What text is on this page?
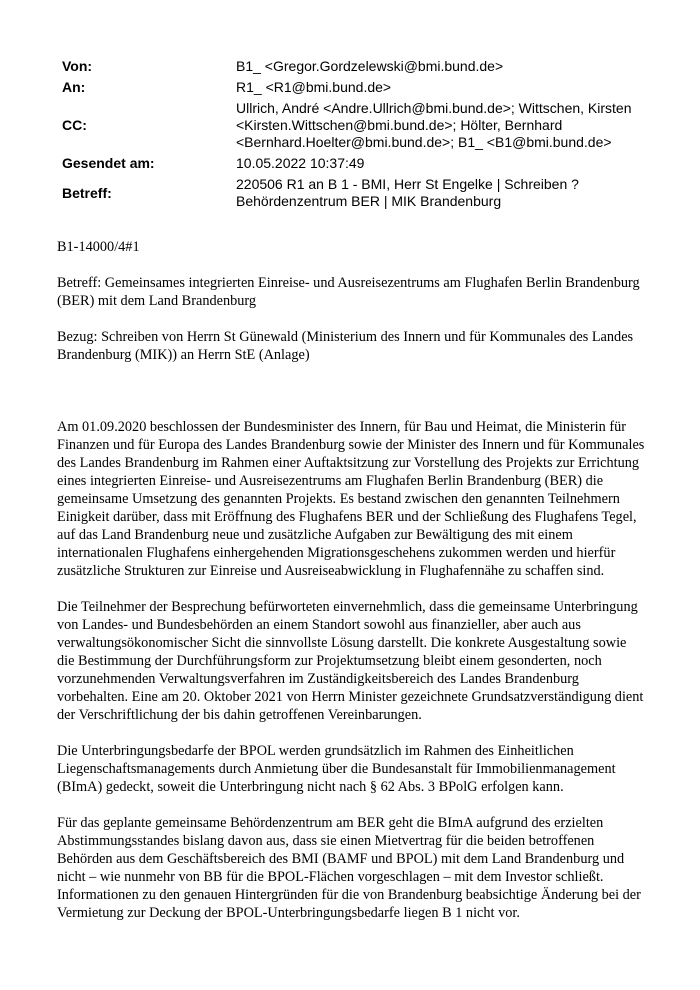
Von:	B1_ <Gregor.Gordzelewski@bmi.bund.de>
An:	R1_ <R1@bmi.bund.de>
CC:
Ullrich, André <Andre.Ullrich@bmi.bund.de>; Wittschen, Kirsten <Kirsten.Wittschen@bmi.bund.de>; Hölter, Bernhard <Bernhard.Hoelter@bmi.bund.de>; B1_ <B1@bmi.bund.de>
Gesendet am:	10.05.2022 10:37:49
Betreff:
220506 R1 an B 1 - BMI, Herr St Engelke | Schreiben ? Behördenzentrum BER | MIK Brandenburg

B1-14000/4#1

Betreff: Gemeinsames integrierten Einreise- und Ausreisezentrums am Flughafen Berlin Brandenburg (BER) mit dem Land Brandenburg

Bezug: Schreiben von Herrn St Günewald (Ministerium des Innern und für Kommunales des Landes Brandenburg (MIK)) an Herrn StE (Anlage)

Am 01.09.2020 beschlossen der Bundesminister des Innern, für Bau und Heimat, die Ministerin für Finanzen und für Europa des Landes Brandenburg sowie der Minister des Innern und für Kommunales des Landes Brandenburg im Rahmen einer Auftaktsitzung zur Vorstellung des Projekts zur Errichtung eines integrierten Einreise- und Ausreisezentrums am Flughafen Berlin Brandenburg (BER) die gemeinsame Umsetzung des genannten Projekts. Es bestand zwischen den genannten Teilnehmern Einigkeit darüber, dass mit Eröffnung des Flughafens BER und der Schließung des Flughafens Tegel, auf das Land Brandenburg neue und zusätzliche Aufgaben zur Bewältigung des mit einem internationalen Flughafens einhergehenden Migrationsgeschehens zukommen werden und hierfür zusätzliche Strukturen zur Einreise und Ausreiseabwicklung in Flughafennähe zu schaffen sind.

Die Teilnehmer der Besprechung befürworteten einvernehmlich, dass die gemeinsame Unterbringung von Landes- und Bundesbehörden an einem Standort sowohl aus finanzieller, aber auch aus verwaltungsökonomischer Sicht die sinnvollste Lösung darstellt. Die konkrete Ausgestaltung sowie die Bestimmung der Durchführungsform zur Projektumsetzung bleibt einem gesonderten, noch vorzunehmenden Verwaltungsverfahren im Zuständigkeitsbereich des Landes Brandenburg vorbehalten. Eine am 20. Oktober 2021 von Herrn Minister gezeichnete Grundsatzverständigung dient der Verschriftlichung der bis dahin getroffenen Vereinbarungen.

Die Unterbringungsbedarfe der BPOL werden grundsätzlich im Rahmen des Einheitlichen Liegenschaftsmanagements durch Anmietung über die Bundesanstalt für Immobilienmanagement (BImA) gedeckt, soweit die Unterbringung nicht nach § 62 Abs. 3 BPolG erfolgen kann.

Für das geplante gemeinsame Behördenzentrum am BER geht die BImA aufgrund des erzielten Abstimmungsstandes bislang davon aus, dass sie einen Mietvertrag für die beiden betroffenen Behörden aus dem Geschäftsbereich des BMI (BAMF und BPOL) mit dem Land Brandenburg und nicht – wie nunmehr von BB für die BPOL-Flächen vorgeschlagen – mit dem Investor schließt. Informationen zu den genauen Hintergründen für die von Brandenburg beabsichtige Änderung bei der Vermietung zur Deckung der BPOL-Unterbringungsbedarfe liegen B 1 nicht vor.
